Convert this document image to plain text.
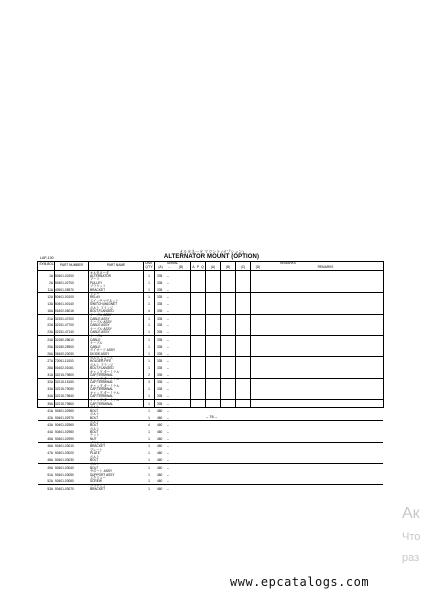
オルタネータ マウント (オプション)
LAP-100	ALTERNATOR MOUNT (OPTION)
SYM-BOL	PART NUMBER	PART NAME	UNIT Q'TY
SERIAL
(A)	→	(B)
REMARKS
A P Q	(A)	(B)	(C)	(D)	REMARKS
オルタネータ
1A 50401-02200	ALTERNATOR	1	335	–
プーリ
2A 50401-02700	PULLEY	1	335	–
ブラケット
11A 40501-05570	BRACKET	1	335	–
リレー
12A 50401-00100	RELAY	1	335	–
スイッチマグネット
13A 50401-00140	SWITCH,MAGNET	1	335	–
ボルト フランジ
16A 01602-06016	BOLT,FLANGED	4	335	–
ケーブル ASSY
21A 32151-47200	CABLE ASSY	1	335	–
ケーブル ASSY
22A 32151-47700	CABLE ASSY	1	335	–
ケーブル ASSY
23A 32151-47140	CABLE ASSY	1	335	–
ケーブル
24A 32180-28610	CABLE	1	335	–
ケーブル
25A 32180-28900	CABLE	1	335	–
ダイオード ASSY
26A 35400-20030	DIODE ASSY	1	335	–
ホルダ,ヒューズ
27A 72061-11000	HOLDER,FIFE	1	335	–
ボルト フランジ
28A 01602-01061	BOLT,FLANGED	1	335	–
キャップ,ターミナル
31A 32215-79800	CAP,TERMINAL	2	335	–
キャップ,ターミナル
32A 32215-15150	CAP,TERMINAL	3	335	–
キャップ,ターミナル
33A 32215-79050	CAP,TERMINAL	1	335	–
キャップ,ターミナル
34A 32215-79840	CAP,TERMINAL	1	335	–
キャップ,ターミナル
35A 32215-79860	CAP,TERMINAL	1	335	–
ボルト
41A 50401-02960	BOLT	1	460	–
ボルト
42A 50401-02970	BOLT	1	460	–
ボルト
43A 50401-02960	BOLT	4	460	–
ボルト
44A 50401-02980	BOLT	1	460	–
ナット
45A 50401-02990	NUT	1	460	–
ブラケット
46A 50401-03010	BRACKET	1	460	–
プレート
47A 50401-03020	PLATE	1	460	–
ボルト
48A 50401-03030	BOLT	1	460	–
ボルト
49A 50401-03040	BOLT	1	460	–
サポート ASSY
51A 50401-03050	SUPPORT ASSY	1	460	–
スクリュー
52A 50401-03060	SCREW	1	460	–
ブラケット
53A 50401-03070	BRACKET	1	460	–
– 76 –
Ак
Что
раз
www.epcatalogs.com
